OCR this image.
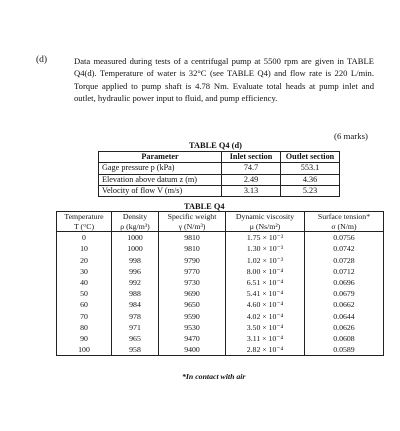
(d)	Data measured during tests of a centrifugal pump at 5500 rpm are given in TABLE Q4(d). Temperature of water is 32°C (see TABLE Q4) and flow rate is 220 L/min. Torque applied to pump shaft is 4.78 Nm. Evaluate total heads at pump inlet and outlet, hydraulic power input to fluid, and pump efficiency.
(6 marks)
TABLE Q4 (d)
Parameter	Inlet section	Outlet section
Gage pressure p (kPa)	74.7	553.1
Elevation above datum z (m)	2.49	4.36
Velocity of flow V (m/s)	3.13	5.23
TABLE Q4
Temperature	Density	Specific weight	Dynamic viscosity	Surface tension*
T (°C)	ρ (kg/m³)	γ (N/m³)	μ (Ns/m²)	σ (N/m)
0	1000	9810	1.75 × 10⁻³	0.0756
10	1000	9810	1.30 × 10⁻³	0.0742
20	998	9790	1.02 × 10⁻³	0.0728
30	996	9770	8.00 × 10⁻⁴	0.0712
40	992	9730	6.51 × 10⁻⁴	0.0696
50	988	9690	5.41 × 10⁻⁴	0.0679
60	984	9650	4.60 × 10⁻⁴	0.0662
70	978	9590	4.02 × 10⁻⁴	0.0644
80	971	9530	3.50 × 10⁻⁴	0.0626
90	965	9470	3.11 × 10⁻⁴	0.0608
100	958	9400	2.82 × 10⁻⁴	0.0589
*In contact with air
